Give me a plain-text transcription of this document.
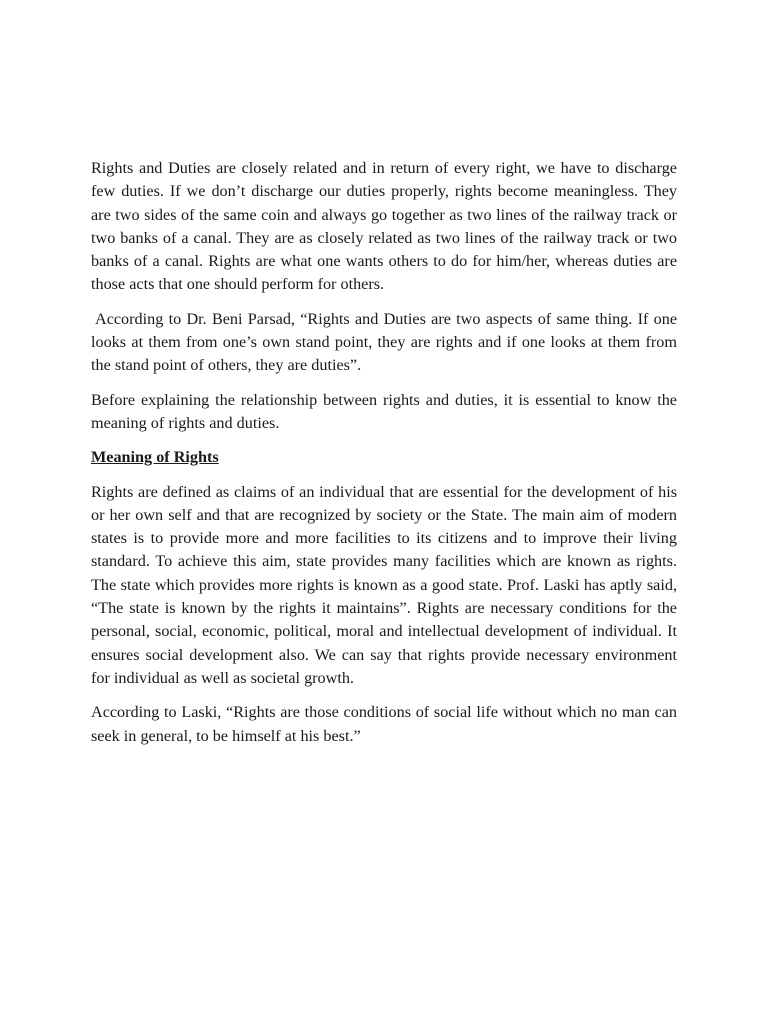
Rights and Duties are closely related and in return of every right, we have to discharge few duties. If we don’t discharge our duties properly, rights become meaningless. They are two sides of the same coin and always go together as two lines of the railway track or two banks of a canal. They are as closely related as two lines of the railway track or two banks of a canal. Rights are what one wants others to do for him/her, whereas duties are those acts that one should perform for others.

According to Dr. Beni Parsad, “Rights and Duties are two aspects of same thing. If one looks at them from one’s own stand point, they are rights and if one looks at them from the stand point of others, they are duties”.

Before explaining the relationship between rights and duties, it is essential to know the meaning of rights and duties.

Meaning of Rights

Rights are defined as claims of an individual that are essential for the development of his or her own self and that are recognized by society or the State. The main aim of modern states is to provide more and more facilities to its citizens and to improve their living standard. To achieve this aim, state provides many facilities which are known as rights. The state which provides more rights is known as a good state. Prof. Laski has aptly said, “The state is known by the rights it maintains”. Rights are necessary conditions for the personal, social, economic, political, moral and intellectual development of individual. It ensures social development also. We can say that rights provide necessary environment for individual as well as societal growth.

According to Laski, “Rights are those conditions of social life without which no man can seek in general, to be himself at his best.”
